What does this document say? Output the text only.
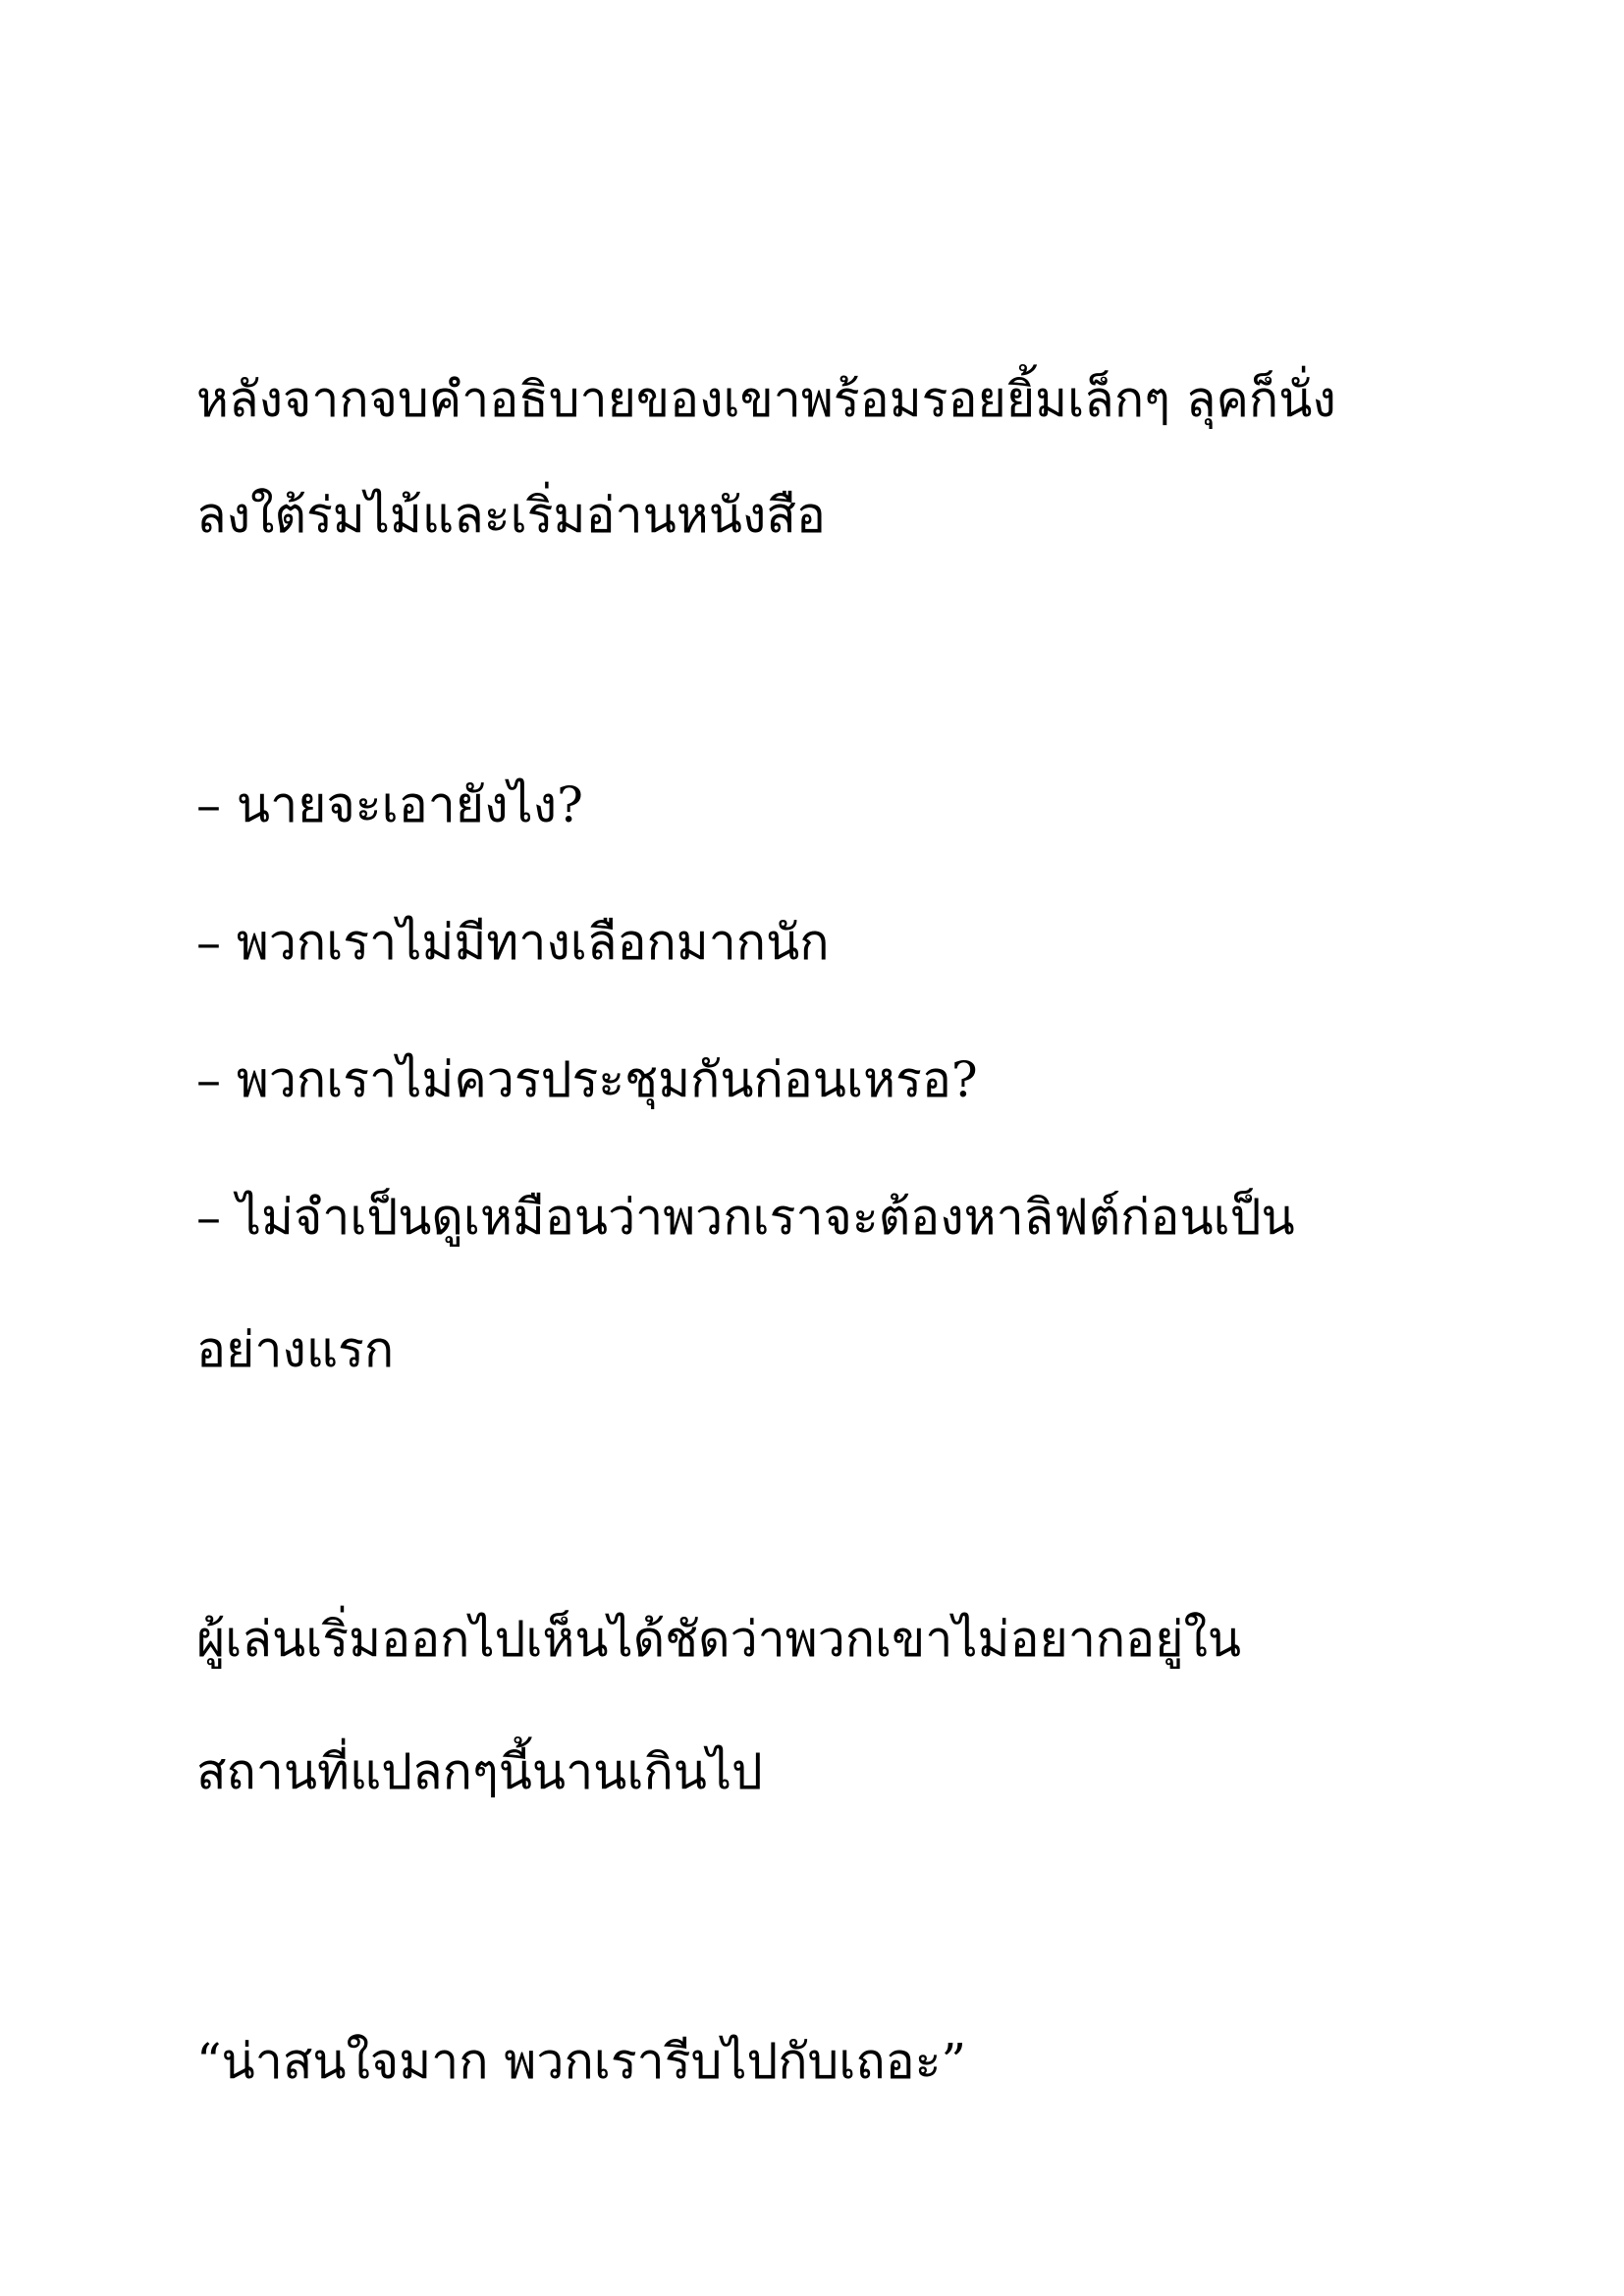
หลังจากจบคำอธิบายของเขาพร้อมรอยยิ้มเล็กๆ ลุคก็นั่ง
ลงใต้ร่มไม้และเริ่มอ่านหนังสือ
– นายจะเอายังไง?
– พวกเราไม่มีทางเลือกมากนัก
– พวกเราไม่ควรประชุมกันก่อนเหรอ?
– ไม่จำเป็นดูเหมือนว่าพวกเราจะต้องหาลิฟต์ก่อนเป็น
อย่างแรก
ผู้เล่นเริ่มออกไปเห็นได้ชัดว่าพวกเขาไม่อยากอยู่ใน
สถานที่แปลกๆนี้นานเกินไป
“น่าสนใจมาก พวกเรารีบไปกับเถอะ”
